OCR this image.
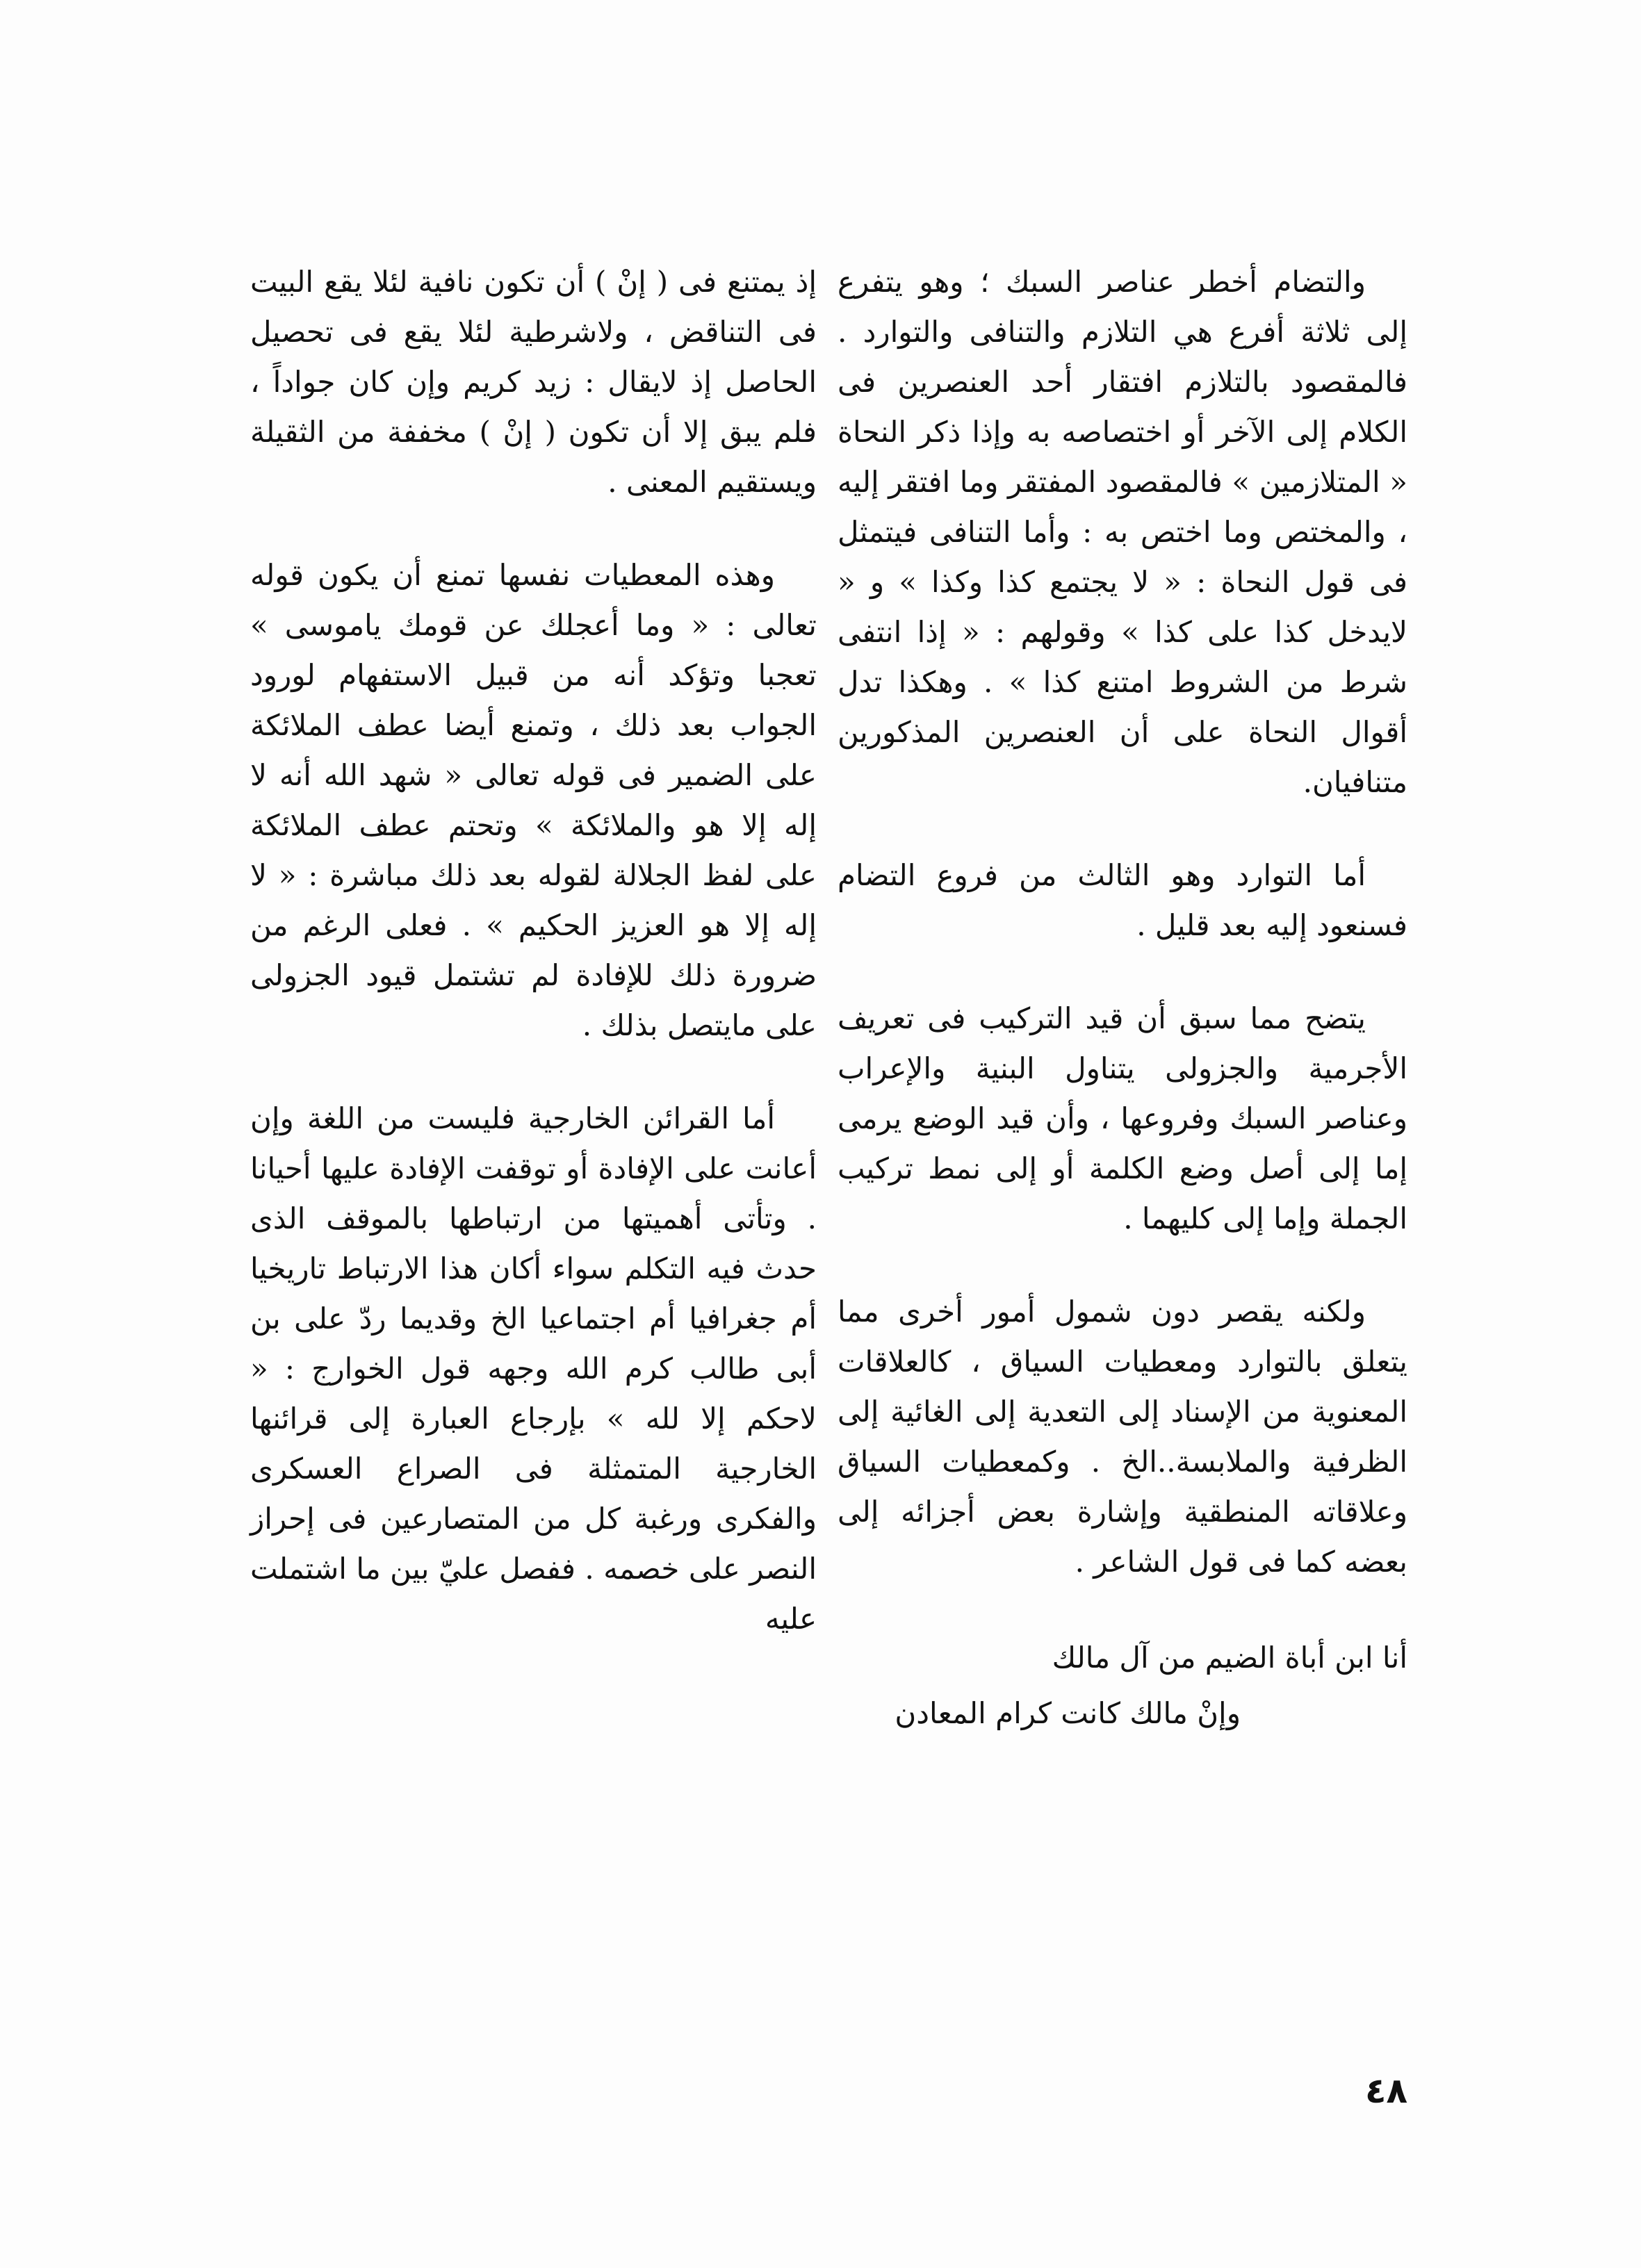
والتضام أخطر عناصر السبك ؛ وهو يتفرع إلى ثلاثة أفرع هي التلازم والتنافى والتوارد . فالمقصود بالتلازم افتقار أحد العنصرين فى الكلام إلى الآخر أو اختصاصه به وإذا ذكر النحاة « المتلازمين » فالمقصود المفتقر وما افتقر إليه ، والمختص وما اختص به : وأما التنافى فيتمثل فى قول النحاة : « لا يجتمع كذا وكذا » و « لايدخل كذا على كذا » وقولهم : « إذا انتفى شرط من الشروط امتنع كذا » . وهكذا تدل أقوال النحاة على أن العنصرين المذكورين متنافيان.

أما التوارد وهو الثالث من فروع التضام فسنعود إليه بعد قليل .

يتضح مما سبق أن قيد التركيب فى تعريف الأجرمية والجزولى يتناول البنية والإعراب وعناصر السبك وفروعها ، وأن قيد الوضع يرمى إما إلى أصل وضع الكلمة أو إلى نمط تركيب الجملة وإما إلى كليهما .

ولكنه يقصر دون شمول أمور أخرى مما يتعلق بالتوارد ومعطيات السياق ، كالعلاقات المعنوية من الإسناد إلى التعدية إلى الغائية إلى الظرفية والملابسة..الخ . وكمعطيات السياق وعلاقاته المنطقية وإشارة بعض أجزائه إلى بعضه كما فى قول الشاعر .

أنا ابن أباة الضيم من آل مالك

وإنْ مالك كانت كرام المعادن

إذ يمتنع فى ( إنْ ) أن تكون نافية لئلا يقع البيت فى التناقض ، ولاشرطية لئلا يقع فى تحصيل الحاصل إذ لايقال : زيد كريم وإن كان جواداً ، فلم يبق إلا أن تكون ( إنْ ) مخففة من الثقيلة ويستقيم المعنى .

وهذه المعطيات نفسها تمنع أن يكون قوله تعالى : « وما أعجلك عن قومك ياموسى » تعجبا وتؤكد أنه من قبيل الاستفهام لورود الجواب بعد ذلك ، وتمنع أيضا عطف الملائكة على الضمير فى قوله تعالى « شهد الله أنه لا إله إلا هو والملائكة » وتحتم عطف الملائكة على لفظ الجلالة لقوله بعد ذلك مباشرة : « لا إله إلا هو العزيز الحكيم » . فعلى الرغم من ضرورة ذلك للإفادة لم تشتمل قيود الجزولى على مايتصل بذلك .

أما القرائن الخارجية فليست من اللغة وإن أعانت على الإفادة أو توقفت الإفادة عليها أحيانا . وتأتى أهميتها من ارتباطها بالموقف الذى حدث فيه التكلم سواء أكان هذا الارتباط تاريخيا أم جغرافيا أم اجتماعيا الخ وقديما ردّ على بن أبى طالب كرم الله وجهه قول الخوارج : « لاحكم إلا لله » بإرجاع العبارة إلى قرائنها الخارجية المتمثلة فى الصراع العسكرى والفكرى ورغبة كل من المتصارعين فى إحراز النصر على خصمه . ففصل عليّ بين ما اشتملت عليه

٤٨
